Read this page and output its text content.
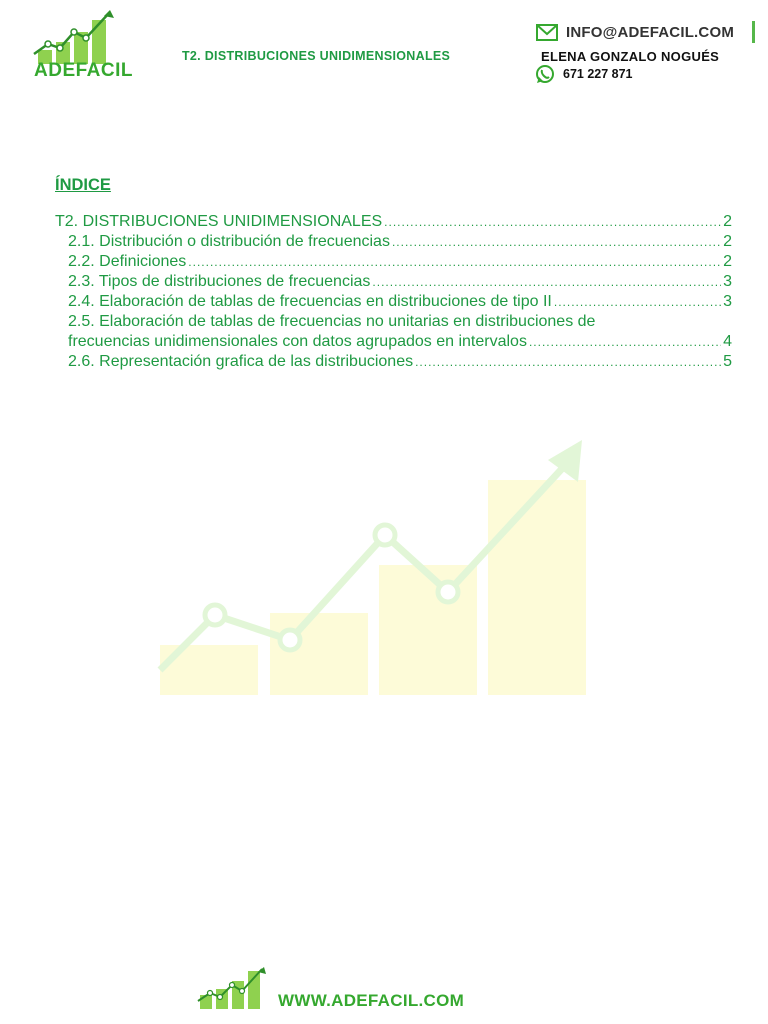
ADEFACIL
T2. DISTRIBUCIONES UNIDIMENSIONALES
INFO@ADEFACIL.COM
ELENA GONZALO NOGUÉS
671 227 871
ÍNDICE
T2. DISTRIBUCIONES UNIDIMENSIONALES .....	2
2.1. Distribución o distribución de frecuencias .....	2
2.2. Definiciones .....	2
2.3. Tipos de distribuciones de frecuencias .....	3
2.4. Elaboración de tablas de frecuencias en distribuciones de tipo II .....	3
2.5. Elaboración de tablas de frecuencias no unitarias en distribuciones de
frecuencias unidimensionales con datos agrupados en intervalos .....	4
2.6. Representación grafica de las distribuciones .....	5
WWW.ADEFACIL.COM
